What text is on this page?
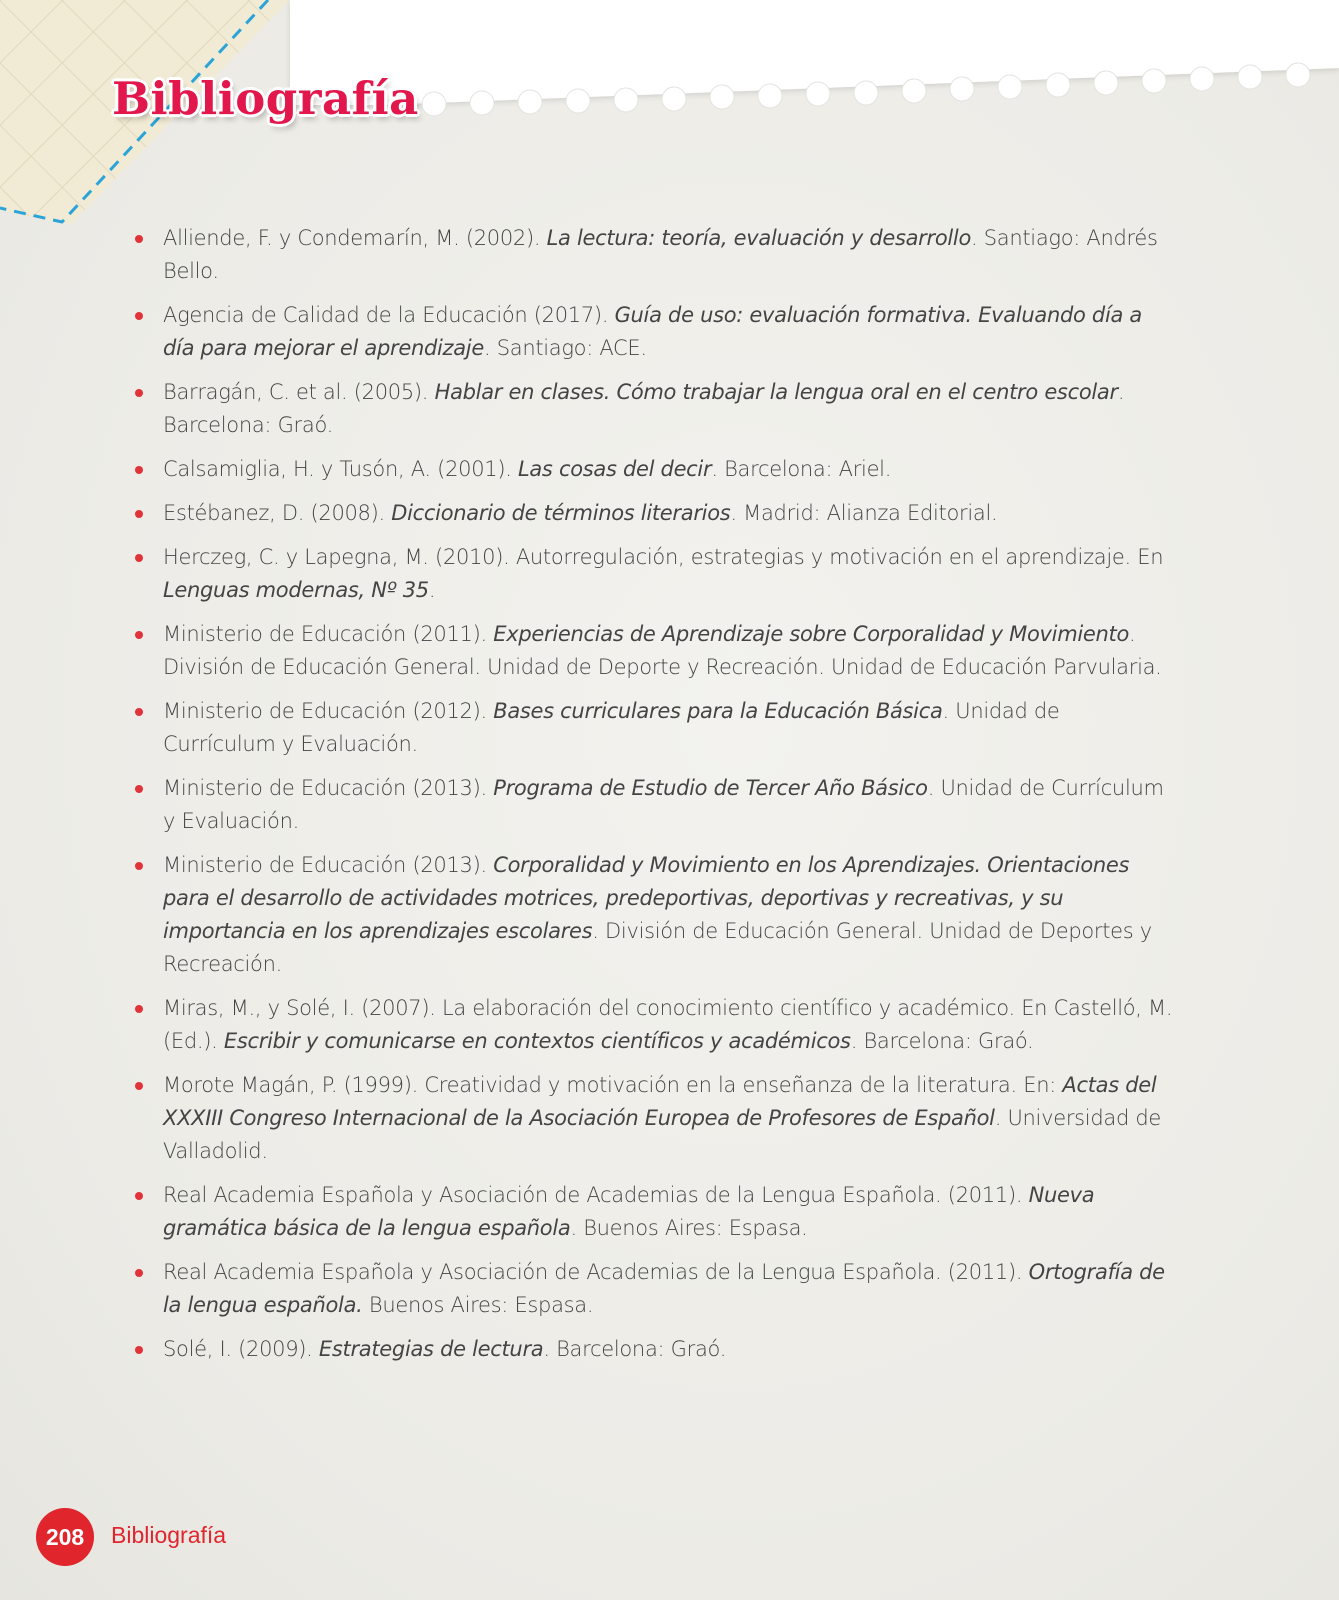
Bibliografía
Alliende, F. y Condemarín, M. (2002). La lectura: teoría, evaluación y desarrollo. Santiago: Andrés Bello.
Agencia de Calidad de la Educación (2017). Guía de uso: evaluación formativa. Evaluando día a día para mejorar el aprendizaje. Santiago: ACE.
Barragán, C. et al. (2005). Hablar en clases. Cómo trabajar la lengua oral en el centro escolar. Barcelona: Graó.
Calsamiglia, H. y Tusón, A. (2001). Las cosas del decir. Barcelona: Ariel.
Estébanez, D. (2008). Diccionario de términos literarios. Madrid: Alianza Editorial.
Herczeg, C. y Lapegna, M. (2010). Autorregulación, estrategias y motivación en el aprendizaje. En Lenguas modernas, Nº 35.
Ministerio de Educación (2011). Experiencias de Aprendizaje sobre Corporalidad y Movimiento. División de Educación General. Unidad de Deporte y Recreación. Unidad de Educación Parvularia.
Ministerio de Educación (2012). Bases curriculares para la Educación Básica. Unidad de Currículum y Evaluación.
Ministerio de Educación (2013). Programa de Estudio de Tercer Año Básico. Unidad de Currículum y Evaluación.
Ministerio de Educación (2013). Corporalidad y Movimiento en los Aprendizajes. Orientaciones para el desarrollo de actividades motrices, predeportivas, deportivas y recreativas, y su importancia en los aprendizajes escolares. División de Educación General. Unidad de Deportes y Recreación.
Miras, M., y Solé, I. (2007). La elaboración del conocimiento científico y académico. En Castelló, M. (Ed.). Escribir y comunicarse en contextos científicos y académicos. Barcelona: Graó.
Morote Magán, P. (1999). Creatividad y motivación en la enseñanza de la literatura. En: Actas del XXXIII Congreso Internacional de la Asociación Europea de Profesores de Español. Universidad de Valladolid.
Real Academia Española y Asociación de Academias de la Lengua Española. (2011). Nueva gramática básica de la lengua española. Buenos Aires: Espasa.
Real Academia Española y Asociación de Academias de la Lengua Española. (2011). Ortografía de la lengua española. Buenos Aires: Espasa.
Solé, I. (2009). Estrategias de lectura. Barcelona: Graó.
208 Bibliografía
